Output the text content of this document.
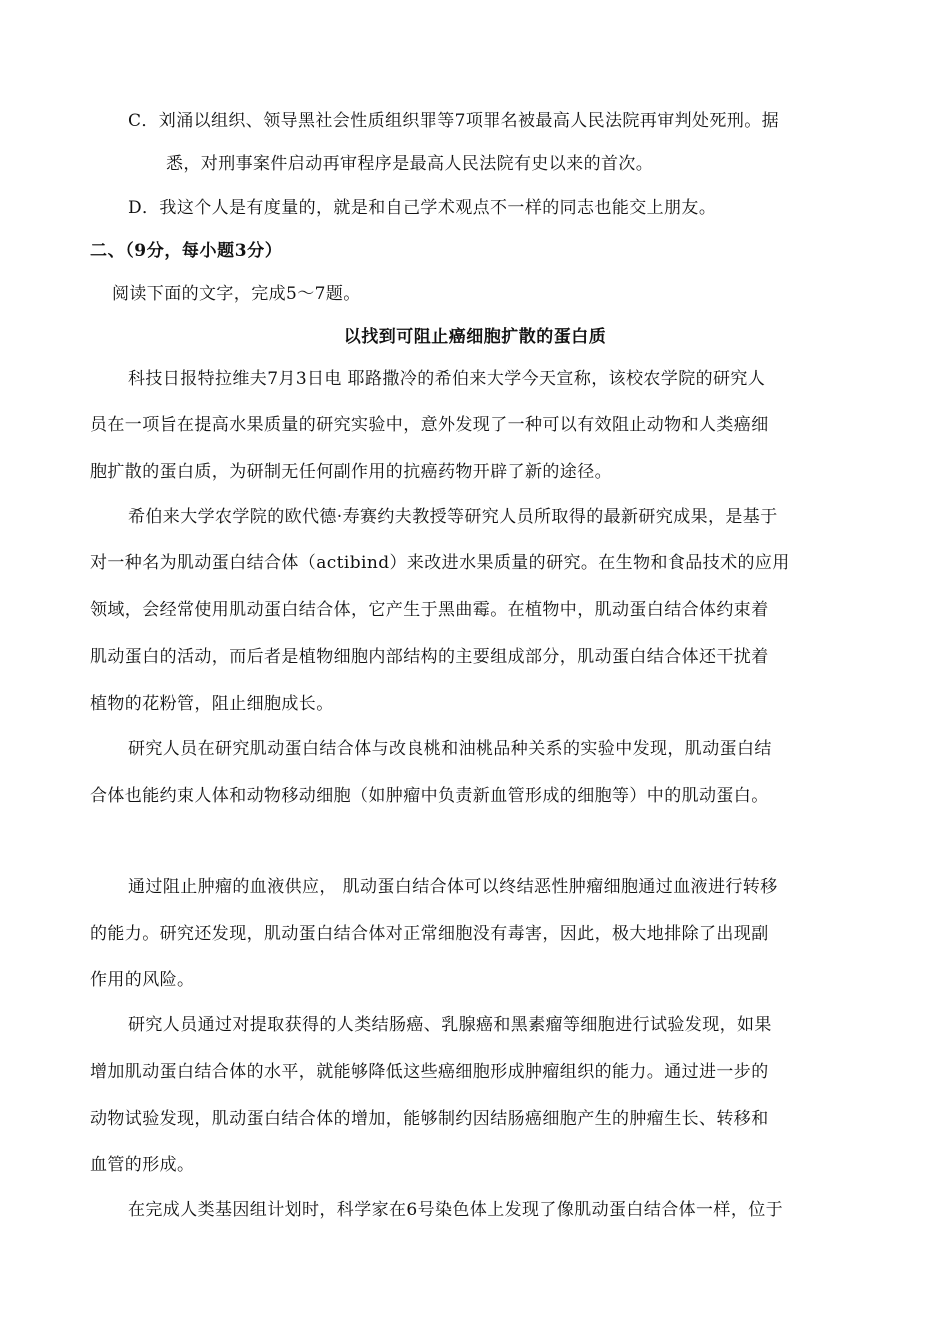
C．刘涌以组织、领导黑社会性质组织罪等7项罪名被最高人民法院再审判处死刑。据
悉，对刑事案件启动再审程序是最高人民法院有史以来的首次。
D．我这个人是有度量的，就是和自己学术观点不一样的同志也能交上朋友。
二、（9分，每小题3分）
阅读下面的文字，完成5～7题。
以找到可阻止癌细胞扩散的蛋白质
科技日报特拉维夫7月3日电 耶路撒冷的希伯来大学今天宣称，该校农学院的研究人
员在一项旨在提高水果质量的研究实验中，意外发现了一种可以有效阻止动物和人类癌细
胞扩散的蛋白质，为研制无任何副作用的抗癌药物开辟了新的途径。
希伯来大学农学院的欧代德·寿赛约夫教授等研究人员所取得的最新研究成果，是基于
对一种名为肌动蛋白结合体（actibind）来改进水果质量的研究。在生物和食品技术的应用
领域，会经常使用肌动蛋白结合体，它产生于黑曲霉。在植物中，肌动蛋白结合体约束着
肌动蛋白的活动，而后者是植物细胞内部结构的主要组成部分，肌动蛋白结合体还干扰着
植物的花粉管，阻止细胞成长。
研究人员在研究肌动蛋白结合体与改良桃和油桃品种关系的实验中发现，肌动蛋白结
合体也能约束人体和动物移动细胞（如肿瘤中负责新血管形成的细胞等）中的肌动蛋白。
通过阻止肿瘤的血液供应， 肌动蛋白结合体可以终结恶性肿瘤细胞通过血液进行转移
的能力。研究还发现，肌动蛋白结合体对正常细胞没有毒害，因此，极大地排除了出现副
作用的风险。
研究人员通过对提取获得的人类结肠癌、乳腺癌和黑素瘤等细胞进行试验发现，如果
增加肌动蛋白结合体的水平，就能够降低这些癌细胞形成肿瘤组织的能力。通过进一步的
动物试验发现，肌动蛋白结合体的增加，能够制约因结肠癌细胞产生的肿瘤生长、转移和
血管的形成。
在完成人类基因组计划时，科学家在6号染色体上发现了像肌动蛋白结合体一样，位于
